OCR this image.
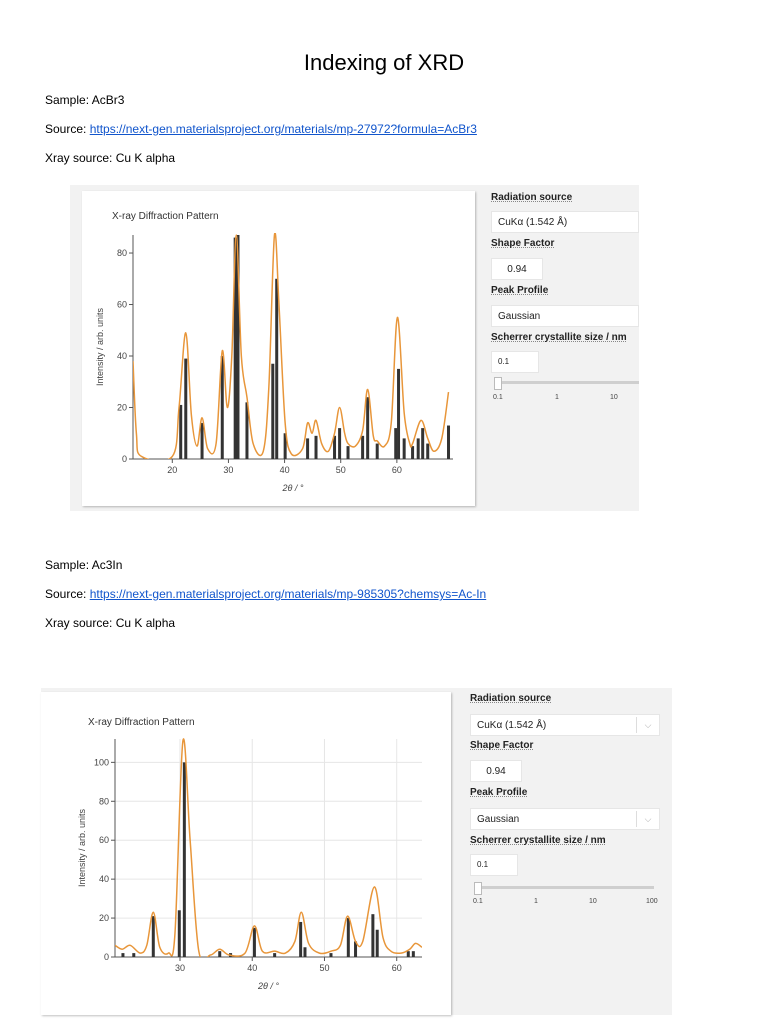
Indexing of XRD

Sample: AcBr3

Source: https://next-gen.materialsproject.org/materials/mp-27972?formula=AcBr3

Xray source: Cu K alpha

X-ray Diffraction Pattern
0
20
40
60
80
20	30	40	50	60
2θ / °
Intensity / arb. units
Radiation source
CuKα (1.542 Å)
Shape Factor
0.94
Peak Profile
Gaussian
Scherrer crystallite size / nm
0.1
0.1	1	10

Sample: Ac3In

Source: https://next-gen.materialsproject.org/materials/mp-985305?chemsys=Ac-In

Xray source: Cu K alpha

X-ray Diffraction Pattern
0
20
40
60
80
100
30	40	50	60
2θ / °
Intensity / arb. units
Radiation source
CuKα (1.542 Å)	⌵
Shape Factor
0.94
Peak Profile
Gaussian	⌵
Scherrer crystallite size / nm
0.1
0.1	1	10	100
